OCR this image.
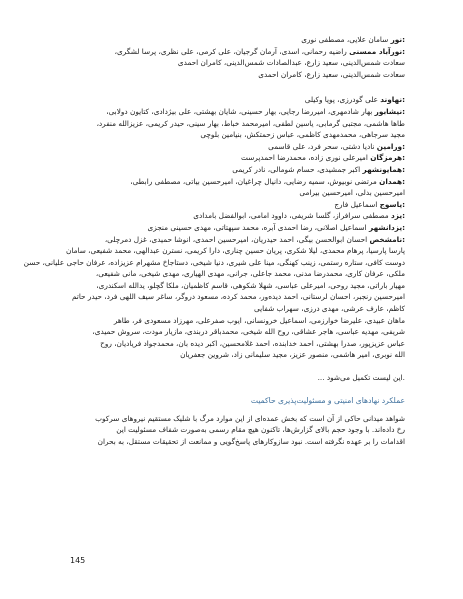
:نور سامان علایی، مصطفی نوری
:نورآباد ممسنی راضیه رحمانی، اسدی، آرمان گرجیان، علی کرمی، علی نظری، پرسا لشگری،
سعادت شمس‌الدینی، سعید زارع، عبدالصادات شمس‌الدینی، کامران احمدی
سعادت شمس‌الدینی، سعید زارع، کامران احمدی
:نهاوند علی گودرزی، پویا وکیلی
:نیشابور بهار شادمهری، امیررضا رجایی، بهار حسینی، شایان بهشتی، علی بیژدادی، کتایون دولابی،
طاها هاشمی، مجتبی گرمابی، یاسین لطفی، امیرمحمد خباط، بهار سینی، حیدر کریمی، عزیزالله منفرد،
مجید سرجاهی، محمدمهدی کاظمی، عباس زحمتکش، بنیامین بلوچی
:ورامین نادیا دشتی، سحر فرد، علی قاسمی
:هرمزگان امیرعلی نوری زاده، محمدرضا احمدپرست
:همایونشهر اکبر جمشیدی، حسام شومالی، نادر کریمی
:همدان مرتضی نوبیوش، سمیه رضایی، دانیال چراغیان، امیرحسین بیاتی، مصطفی رابطی،
امیرحسین بدلی، امیرحسین بیرامی
:یاسوج اسماعیل فارج
:یزد مصطفی سرافراز، گلسا شریفی، داوود امامی، ابوالفضل بامدادی
:یزدانشهر اسماعیل اصلانی، رضا احمدی آبره، محمد سپهتاتی، مهدی حسینی منجزی
:نامشخص احسان ابوالحسن بیگی، احمد حیدریان، امیرحسین احمدی، انوشا حمیدی، غزل دمرچلی،
پارسا پارسیا، پرهام محمدی، لیلا شکری، پریان حسین چناری، دارا کریمی، نسترن عبدالهی، محمد شفیعی، سامان
دوست کافی، ستاره رستمی، زینب کهنگی، مینا علی شیری، دنیا شیخی، دستاجاخ مشهرام عزیزاده، عرفان حاجی علیانی، حسن
ملکی، عرفان کاری، محمدرضا مدنی، محمد جاعلی، جرانی، مهدی الهیاری، مهدی شیخی، مانی شفیعی،
مهیار باراتی، مجید روحی، امیرعلی عباسی، شهلا شکوهی، قاسم کاظمیان، ملکا گچلو، یدالله اسکندری،
امیرحسین رنجبر، احسان لرستانی، احمد دیده‌ور، محمد کرده، مسعود دروگر، ساغر سیف اللهی فرد، حیدر حاتم
کاظم، عارف عرشی، مهدی درزی، سهراب شفایی
ماهان عبیدی، علیرضا خوارزمی، اسماعیل خرونسانی، ایوب صفرعلی، مهرزاد مسعودی فر، طاهر
شریفی، مهدیه عباسی، هاجر عشاقی، روح الله شیخی، محمدباقر دربندی، مازیار مودت، سروش حمیدی،
عباس عزیزپور، صدرا بهشتی، احمد خدابنده، احمد غلامحسین، اکبر دیده بان، محمدجواد فریادیان، روح
الله نوبری، امیر هاشمی، منصور عزیز، مجید سلیمانی زاد، شروین جعفریان
.این لیست تکمیل می‌شود ...
عملکرد نهادهای امنیتی و مسئولیت‌پذیری حاکمیت
شواهد میدانی حاکی از آن است که بخش عمده‌ای از این موارد مرگ با شلیک مستقیم نیروهای سرکوب
رخ داده‌اند. با وجود حجم بالای گزارش‌ها، تاکنون هیچ مقام رسمی به‌صورت شفاف مسئولیت این
اقدامات را بر عهده نگرفته است. نبود سازوکارهای پاسخ‌گویی و ممانعت از تحقیقات مستقل، به بحران
145
